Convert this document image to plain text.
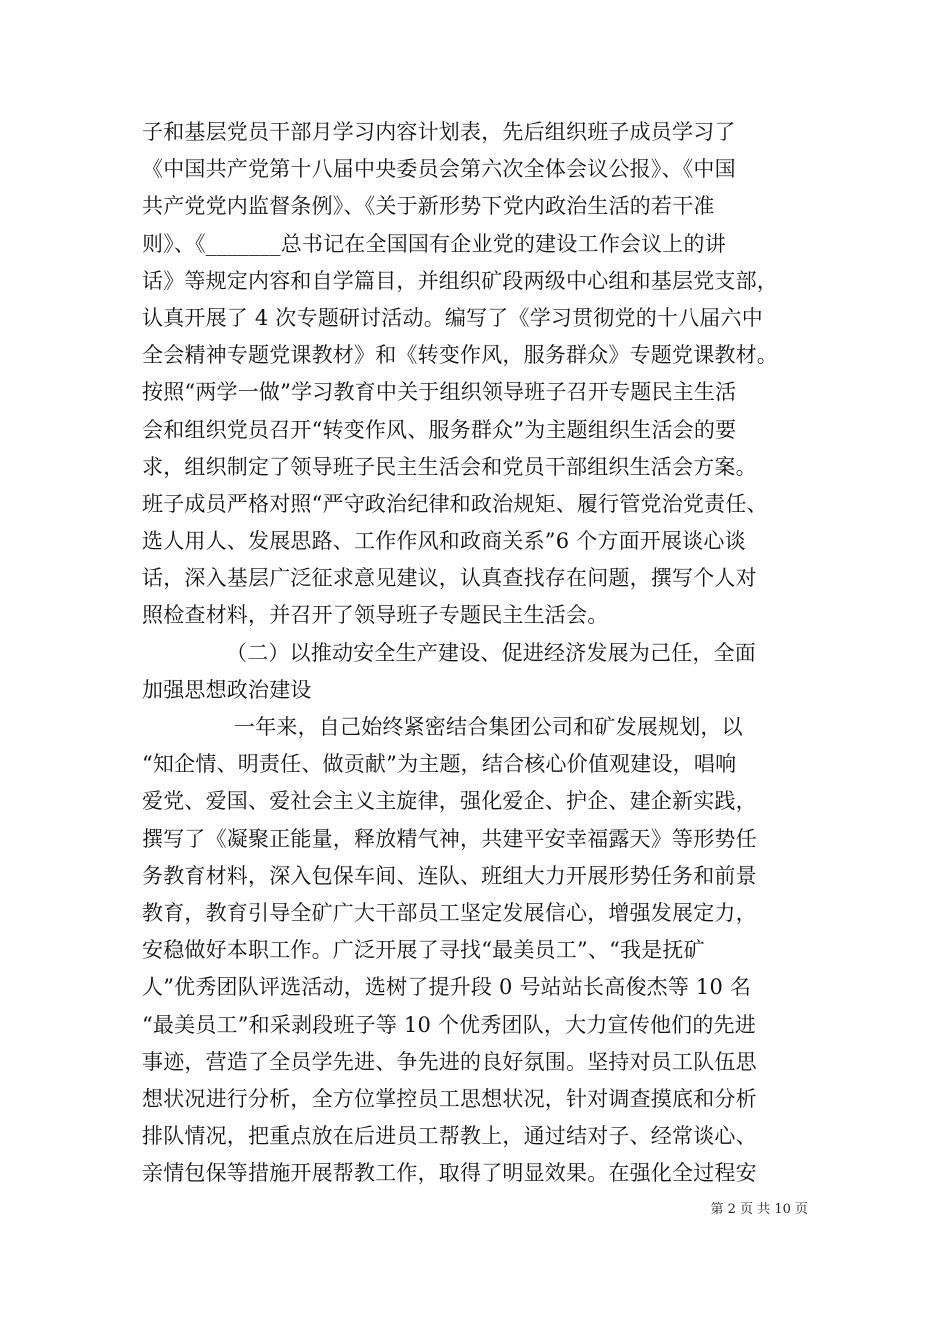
子和基层党员干部月学习内容计划表，先后组织班子成员学习了
《中国共产党第十八届中央委员会第六次全体会议公报》、《中国
共产党党内监督条例》、《关于新形势下党内政治生活的若干准
则》、《_______总书记在全国国有企业党的建设工作会议上的讲
话》等规定内容和自学篇目，并组织矿段两级中心组和基层党支部，
认真开展了 4 次专题研讨活动。编写了《学习贯彻党的十八届六中
全会精神专题党课教材》和《转变作风，服务群众》专题党课教材。
按照“两学一做”学习教育中关于组织领导班子召开专题民主生活
会和组织党员召开“转变作风、服务群众”为主题组织生活会的要
求，组织制定了领导班子民主生活会和党员干部组织生活会方案。
班子成员严格对照“严守政治纪律和政治规矩、履行管党治党责任、
选人用人、发展思路、工作作风和政商关系”6 个方面开展谈心谈
话，深入基层广泛征求意见建议，认真查找存在问题，撰写个人对
照检查材料，并召开了领导班子专题民主生活会。
（二）以推动安全生产建设、促进经济发展为己任，全面
加强思想政治建设
一年来，自己始终紧密结合集团公司和矿发展规划，以
“知企情、明责任、做贡献”为主题，结合核心价值观建设，唱响
爱党、爱国、爱社会主义主旋律，强化爱企、护企、建企新实践，
撰写了《凝聚正能量，释放精气神，共建平安幸福露天》等形势任
务教育材料，深入包保车间、连队、班组大力开展形势任务和前景
教育，教育引导全矿广大干部员工坚定发展信心，增强发展定力，
安稳做好本职工作。广泛开展了寻找“最美员工”、“我是抚矿
人”优秀团队评选活动，选树了提升段 0 号站站长高俊杰等 10 名
“最美员工”和采剥段班子等 10 个优秀团队，大力宣传他们的先进
事迹，营造了全员学先进、争先进的良好氛围。坚持对员工队伍思
想状况进行分析，全方位掌控员工思想状况，针对调查摸底和分析
排队情况，把重点放在后进员工帮教上，通过结对子、经常谈心、
亲情包保等措施开展帮教工作，取得了明显效果。在强化全过程安
第 2 页 共 10 页
